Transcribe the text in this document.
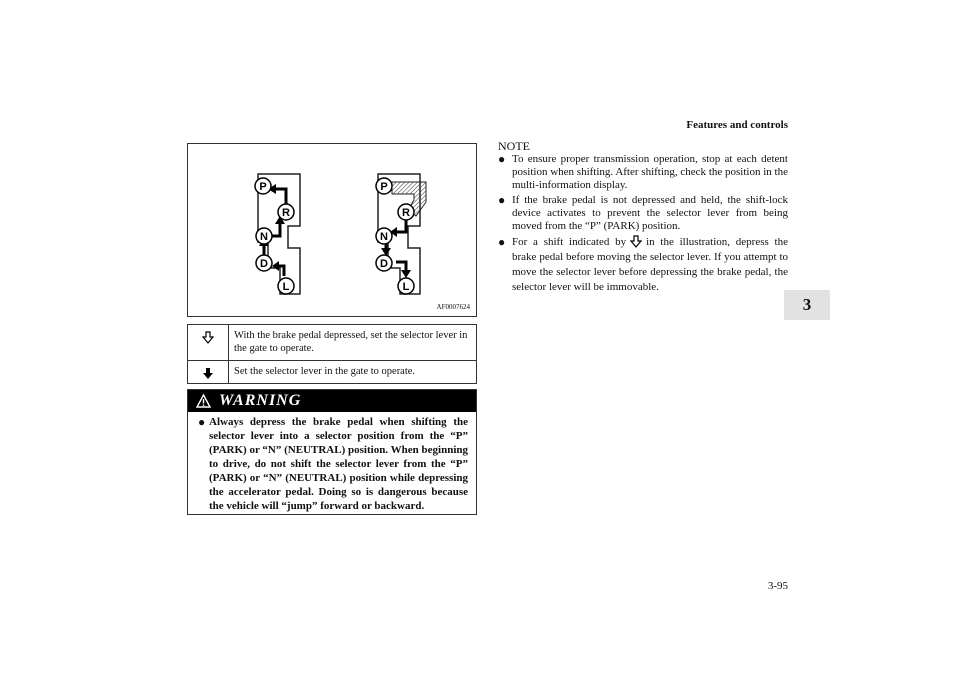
Features and controls
3
3-95
P
R
N
D
L
P
R
N
D
L
AF0007624
With the brake pedal depressed, set the selector lever in the gate to operate.
Set the selector lever in the gate to operate.
WARNING
● Always depress the brake pedal when shifting the selector lever into a selector position from the “P” (PARK) or “N” (NEUTRAL) position. When beginning to drive, do not shift the selector lever from the “P” (PARK) or “N” (NEUTRAL) position while depressing the accelerator pedal. Doing so is dangerous because the vehicle will “jump” forward or backward.
NOTE
● To ensure proper transmission operation, stop at each detent position when shifting. After shifting, check the position in the multi-information display.
● If the brake pedal is not depressed and held, the shift-lock device activates to prevent the selector lever from being moved from the “P” (PARK) position.
● For a shift indicated by in the illustration, depress the brake pedal before moving the selector lever. If you attempt to move the selector lever before depressing the brake pedal, the selector lever will be immovable.
